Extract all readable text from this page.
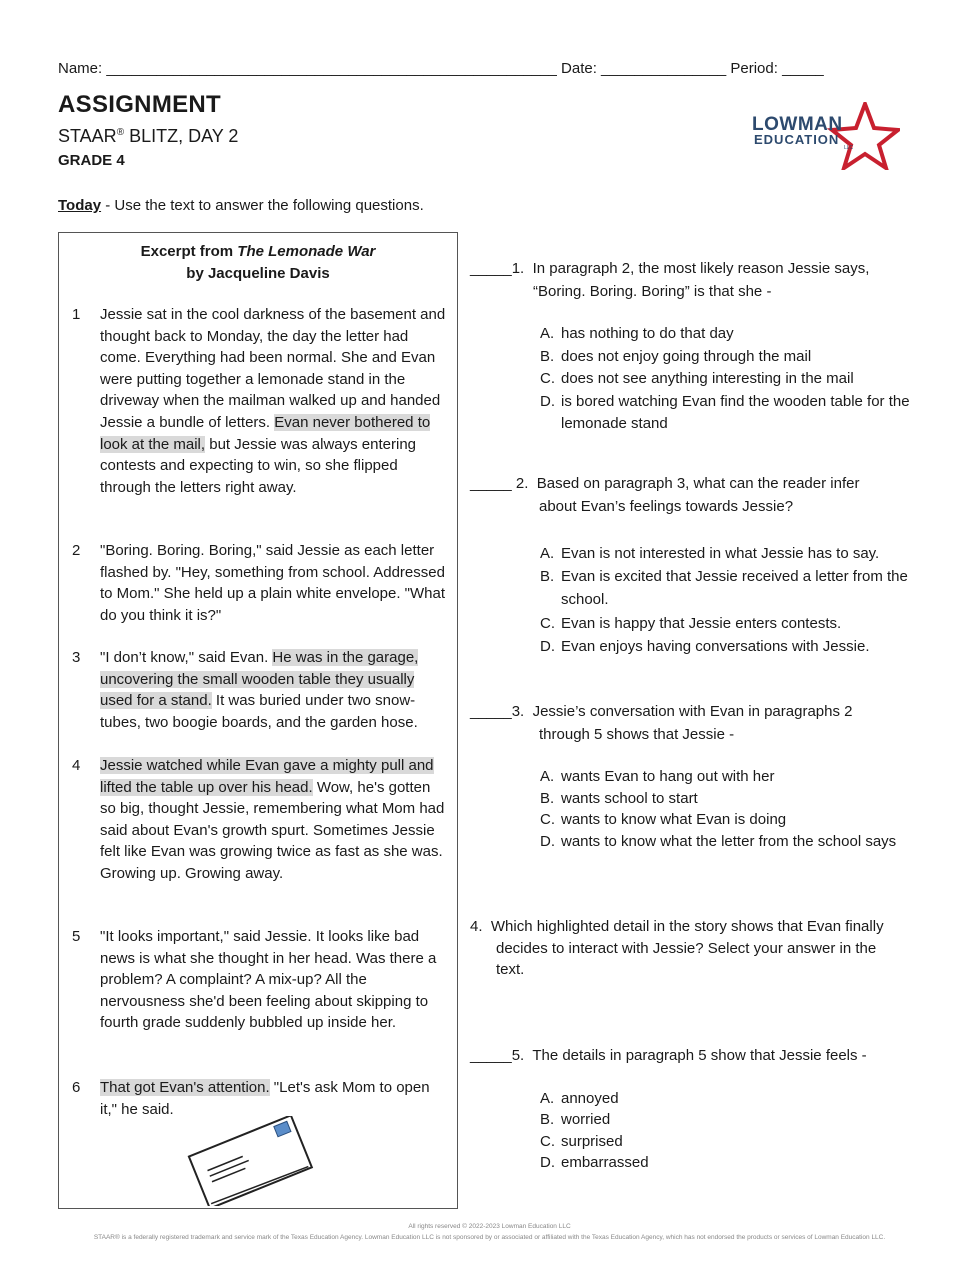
Name: ______________________________________________________ Date: _______________ Period: _____
ASSIGNMENT
STAAR® BLITZ, DAY 2
GRADE 4
LOWMAN
EDUCATION
LLC
Today - Use the text to answer the following questions.
Excerpt from The Lemonade War
by Jacqueline Davis
1 Jessie sat in the cool darkness of the basement and thought back to Monday, the day the letter had come. Everything had been normal. She and Evan were putting together a lemonade stand in the driveway when the mailman walked up and handed Jessie a bundle of letters. Evan never bothered to look at the mail, but Jessie was always entering contests and expecting to win, so she flipped through the letters right away.
2 "Boring. Boring. Boring," said Jessie as each letter flashed by. "Hey, something from school. Addressed to Mom." She held up a plain white envelope. "What do you think it is?"
3 "I don’t know," said Evan. He was in the garage, uncovering the small wooden table they usually used for a stand. It was buried under two snow-tubes, two boogie boards, and the garden hose.
4 Jessie watched while Evan gave a mighty pull and lifted the table up over his head. Wow, he's gotten so big, thought Jessie, remembering what Mom had said about Evan's growth spurt. Sometimes Jessie felt like Evan was growing twice as fast as she was. Growing up. Growing away.
5 "It looks important," said Jessie. It looks like bad news is what she thought in her head. Was there a problem? A complaint? A mix-up? All the nervousness she'd been feeling about skipping to fourth grade suddenly bubbled up inside her.
6 That got Evan's attention. "Let's ask Mom to open it," he said.
_____1. In paragraph 2, the most likely reason Jessie says,
“Boring. Boring. Boring” is that she -
A. has nothing to do that day
B. does not enjoy going through the mail
C. does not see anything interesting in the mail
D. is bored watching Evan find the wooden table for the lemonade stand
_____ 2. Based on paragraph 3, what can the reader infer
about Evan’s feelings towards Jessie?
A. Evan is not interested in what Jessie has to say.
B. Evan is excited that Jessie received a letter from the school.
C. Evan is happy that Jessie enters contests.
D. Evan enjoys having conversations with Jessie.
_____3. Jessie’s conversation with Evan in paragraphs 2
through 5 shows that Jessie -
A. wants Evan to hang out with her
B. wants school to start
C. wants to know what Evan is doing
D. wants to know what the letter from the school says
4. Which highlighted detail in the story shows that Evan finally
decides to interact with Jessie? Select your answer in the
text.
_____5. The details in paragraph 5 show that Jessie feels -
A. annoyed
B. worried
C. surprised
D. embarrassed
All rights reserved © 2022-2023 Lowman Education LLC
STAAR® is a federally registered trademark and service mark of the Texas Education Agency. Lowman Education LLC is not sponsored by or associated or affiliated with the Texas Education Agency, which has not endorsed the products or services of Lowman Education LLC.
